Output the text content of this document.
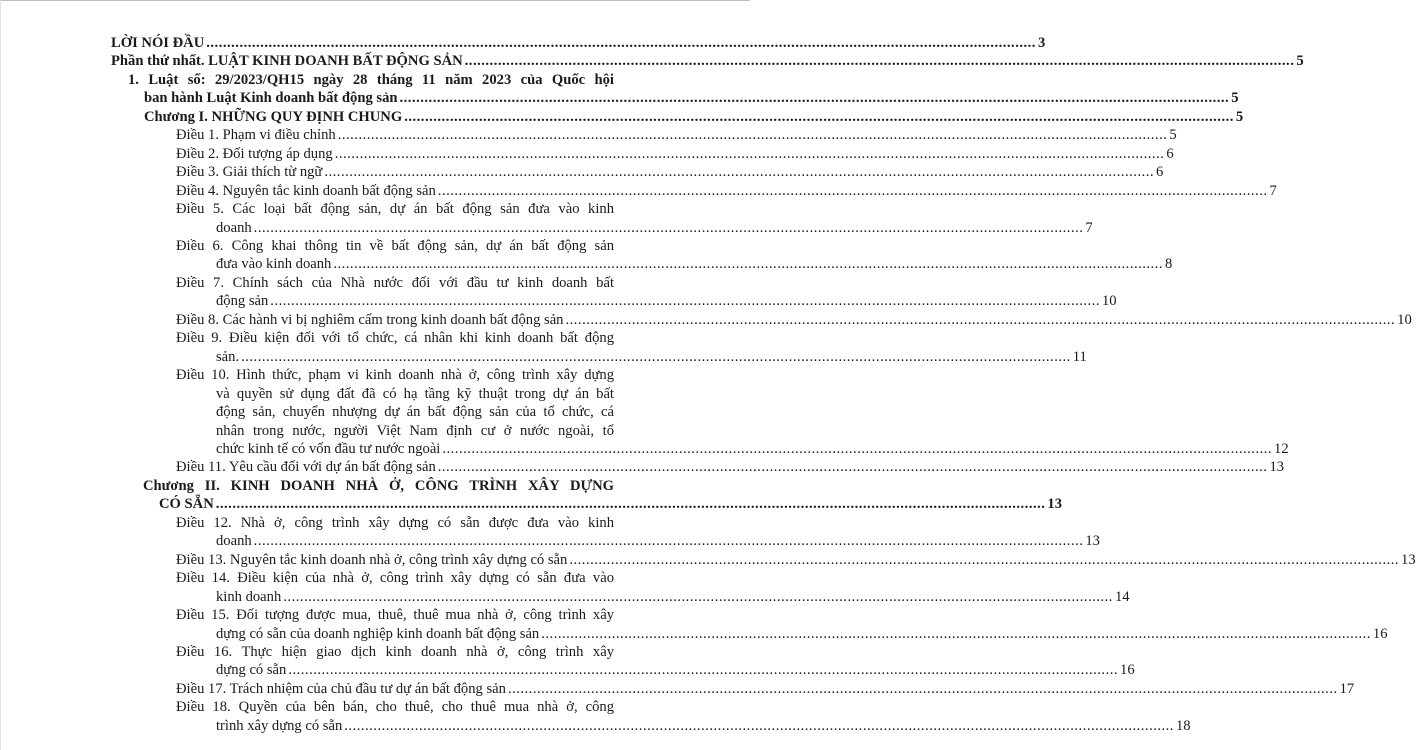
LỜI NÓI ĐẦU ........................................................................................................................................................................................................ 3
Phần thứ nhất. LUẬT KINH DOANH BẤT ĐỘNG SẢN ........................................................................................................................................................................................................ 5
1. Luật số: 29/2023/QH15 ngày 28 tháng 11 năm 2023 của Quốc hội
ban hành Luật Kinh doanh bất động sản ........................................................................................................................................................................................................ 5
Chương I. NHỮNG QUY ĐỊNH CHUNG ........................................................................................................................................................................................................ 5
Điều 1. Phạm vi điều chỉnh ........................................................................................................................................................................................................ 5
Điều 2. Đối tượng áp dụng ........................................................................................................................................................................................................ 6
Điều 3. Giải thích từ ngữ ........................................................................................................................................................................................................ 6
Điều 4. Nguyên tắc kinh doanh bất động sản ........................................................................................................................................................................................................ 7
Điều 5. Các loại bất động sản, dự án bất động sản đưa vào kinh
doanh ........................................................................................................................................................................................................ 7
Điều 6. Công khai thông tin về bất động sản, dự án bất động sản
đưa vào kinh doanh ........................................................................................................................................................................................................ 8
Điều 7. Chính sách của Nhà nước đối với đầu tư kinh doanh bất
động sản ........................................................................................................................................................................................................ 10
Điều 8. Các hành vi bị nghiêm cấm trong kinh doanh bất động sản ........................................................................................................................................................................................................ 10
Điều 9. Điều kiện đối với tổ chức, cá nhân khi kinh doanh bất động
sản. ........................................................................................................................................................................................................ 11
Điều 10. Hình thức, phạm vi kinh doanh nhà ở, công trình xây dựng
và quyền sử dụng đất đã có hạ tầng kỹ thuật trong dự án bất
động sản, chuyển nhượng dự án bất động sản của tổ chức, cá
nhân trong nước, người Việt Nam định cư ở nước ngoài, tổ
chức kinh tế có vốn đầu tư nước ngoài ........................................................................................................................................................................................................ 12
Điều 11. Yêu cầu đối với dự án bất động sản ........................................................................................................................................................................................................ 13
Chương II. KINH DOANH NHÀ Ở, CÔNG TRÌNH XÂY DỰNG
CÓ SẴN ........................................................................................................................................................................................................ 13
Điều 12. Nhà ở, công trình xây dựng có sẵn được đưa vào kinh
doanh ........................................................................................................................................................................................................ 13
Điều 13. Nguyên tắc kinh doanh nhà ở, công trình xây dựng có sẵn ........................................................................................................................................................................................................ 13
Điều 14. Điều kiện của nhà ở, công trình xây dựng có sẵn đưa vào
kinh doanh ........................................................................................................................................................................................................ 14
Điều 15. Đối tượng được mua, thuê, thuê mua nhà ở, công trình xây
dựng có sẵn của doanh nghiệp kinh doanh bất động sản ........................................................................................................................................................................................................ 16
Điều 16. Thực hiện giao dịch kinh doanh nhà ở, công trình xây
dựng có sẵn ........................................................................................................................................................................................................ 16
Điều 17. Trách nhiệm của chủ đầu tư dự án bất động sản ........................................................................................................................................................................................................ 17
Điều 18. Quyền của bên bán, cho thuê, cho thuê mua nhà ở, công
trình xây dựng có sẵn ........................................................................................................................................................................................................ 18
